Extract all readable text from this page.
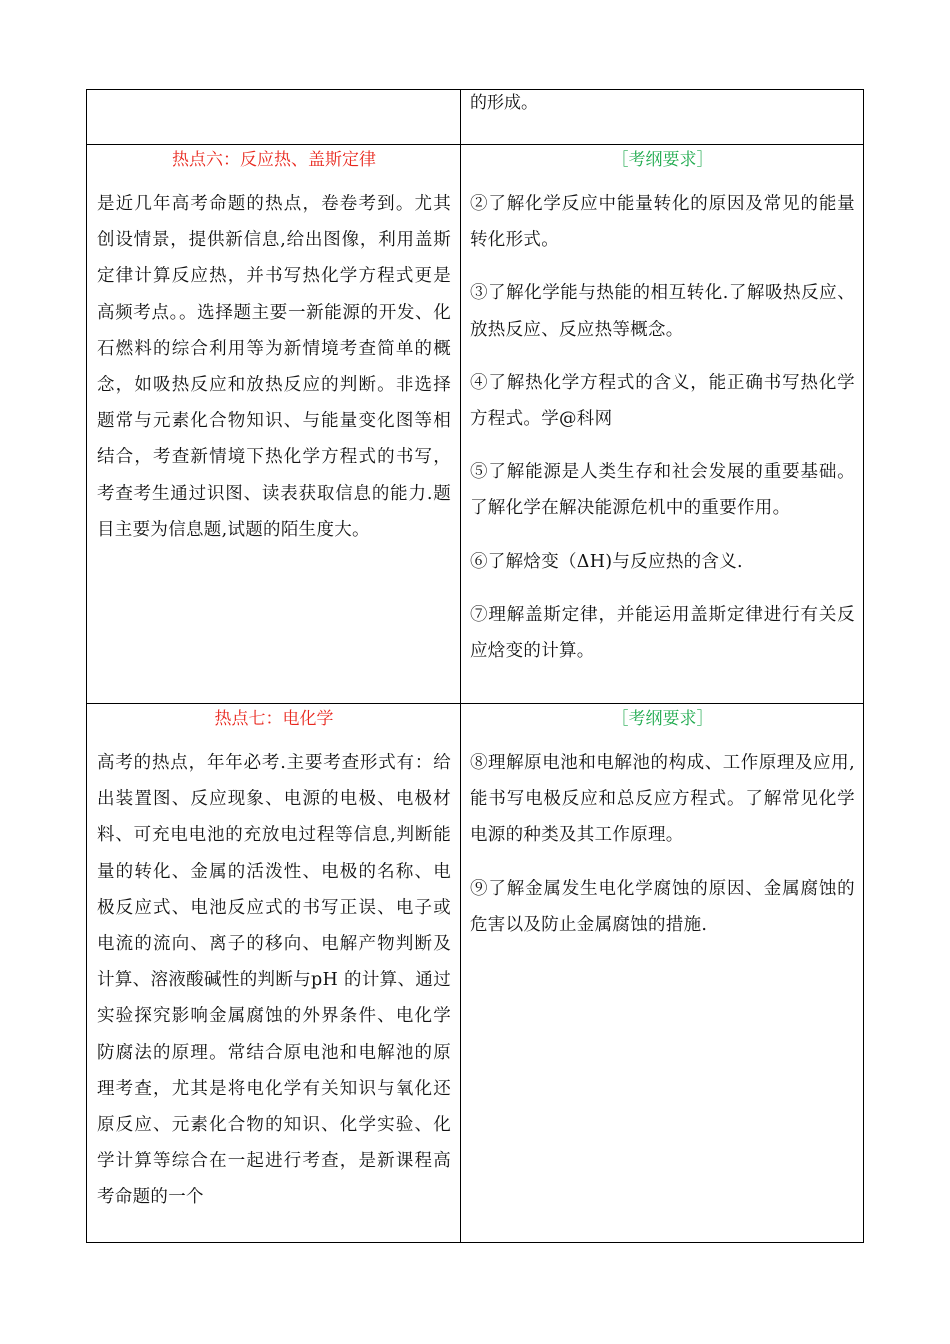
的形成。
热点六：反应热、盖斯定律

是近几年高考命题的热点，卷卷考到。尤其创设情景，提供新信息,给出图像，利用盖斯定律计算反应热，并书写热化学方程式更是高频考点。。选择题主要一新能源的开发、化石燃料的综合利用等为新情境考查简单的概念，如吸热反应和放热反应的判断。非选择题常与元素化合物知识、与能量变化图等相结合，考查新情境下热化学方程式的书写，考查考生通过识图、读表获取信息的能力.题目主要为信息题,试题的陌生度大。

［考纲要求］

②了解化学反应中能量转化的原因及常见的能量转化形式。

③了解化学能与热能的相互转化.了解吸热反应、放热反应、反应热等概念。

④了解热化学方程式的含义，能正确书写热化学方程式。学@科网

⑤了解能源是人类生存和社会发展的重要基础。了解化学在解决能源危机中的重要作用。

⑥了解焓变（ΔH)与反应热的含义.

⑦理解盖斯定律，并能运用盖斯定律进行有关反应焓变的计算。

热点七：电化学

高考的热点，年年必考.主要考查形式有：给出装置图、反应现象、电源的电极、电极材料、可充电电池的充放电过程等信息,判断能量的转化、金属的活泼性、电极的名称、电极反应式、电池反应式的书写正误、电子或电流的流向、离子的移向、电解产物判断及计算、溶液酸碱性的判断与pH 的计算、通过实验探究影响金属腐蚀的外界条件、电化学防腐法的原理。常结合原电池和电解池的原理考查，尤其是将电化学有关知识与氧化还原反应、元素化合物的知识、化学实验、化学计算等综合在一起进行考查，是新课程高考命题的一个

［考纲要求］

⑧理解原电池和电解池的构成、工作原理及应用,能书写电极反应和总反应方程式。了解常见化学电源的种类及其工作原理。

⑨了解金属发生电化学腐蚀的原因、金属腐蚀的危害以及防止金属腐蚀的措施.
